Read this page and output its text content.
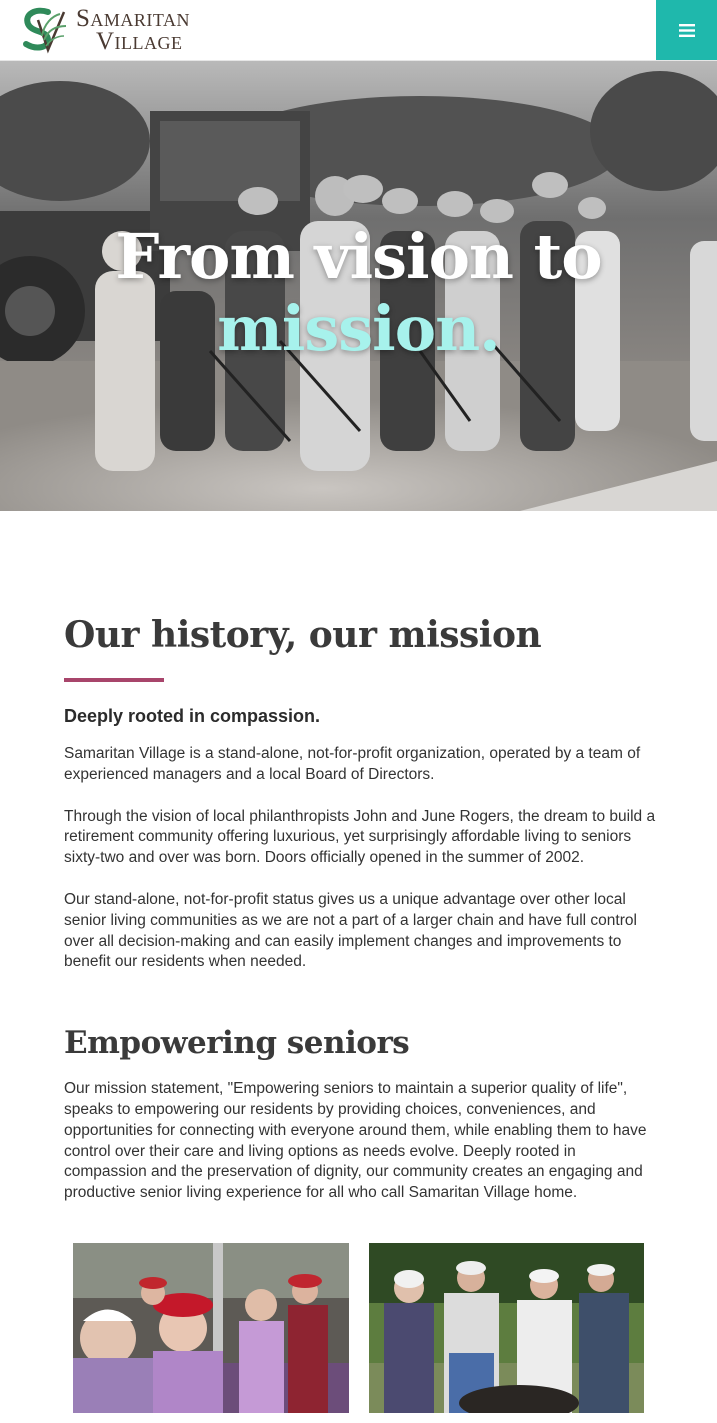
Samaritan
Village
From vision to
mission.
Our history, our mission
Deeply rooted in compassion.

Samaritan Village is a stand-alone, not-for-profit organization, operated by a team of experienced managers and a local Board of Directors.

Through the vision of local philanthropists John and June Rogers, the dream to build a retirement community offering luxurious, yet surprisingly affordable living to seniors sixty-two and over was born. Doors officially opened in the summer of 2002.

Our stand-alone, not-for-profit status gives us a unique advantage over other local senior living communities as we are not a part of a larger chain and have full control over all decision-making and can easily implement changes and improvements to benefit our residents when needed.

Empowering seniors

Our mission statement, "Empowering seniors to maintain a superior quality of life", speaks to empowering our residents by providing choices, conveniences, and opportunities for connecting with everyone around them, while enabling them to have control over their care and living options as needs evolve. Deeply rooted in compassion and the preservation of dignity, our community creates an engaging and productive senior living experience for all who call Samaritan Village home.
